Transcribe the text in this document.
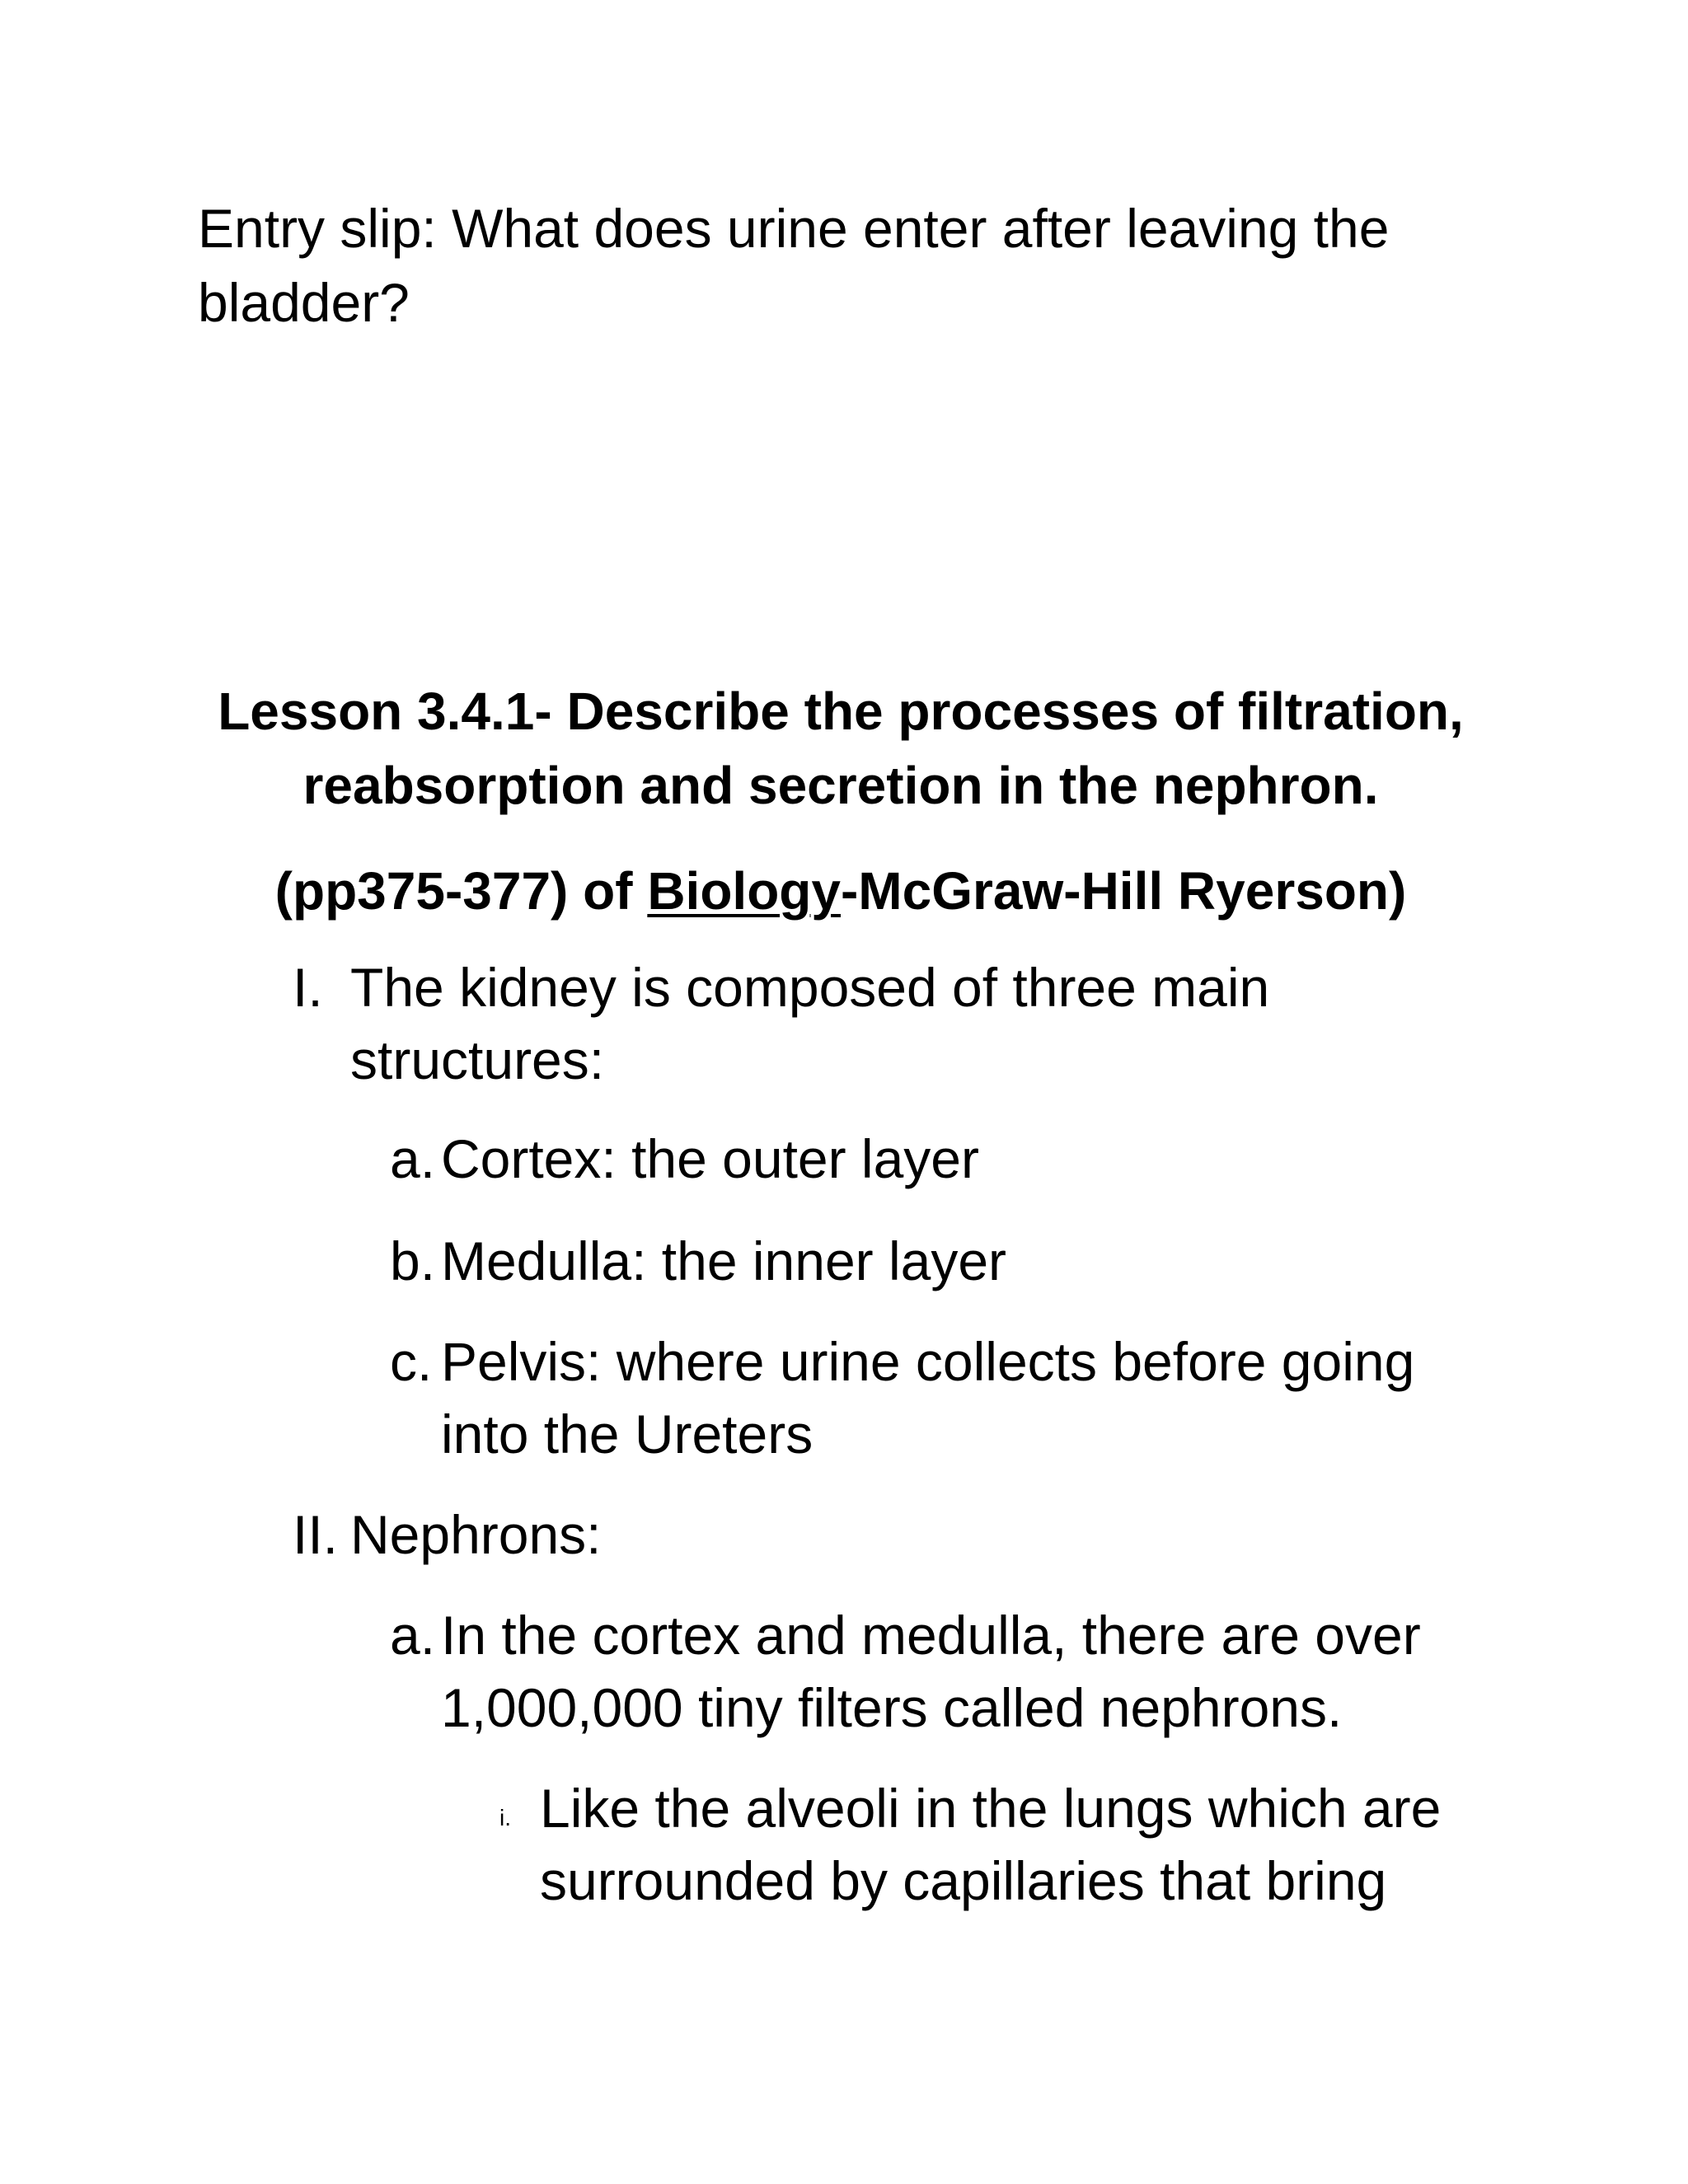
Entry slip: What does urine enter after leaving the
bladder?
Lesson 3.4.1- Describe the processes of filtration,
reabsorption and secretion in the nephron.
(pp375-377) of Biology-McGraw-Hill Ryerson)
I. The kidney is composed of three main
structures:
a. Cortex: the outer layer
b. Medulla: the inner layer
c. Pelvis: where urine collects before going
into the Ureters
II. Nephrons:
a. In the cortex and medulla, there are over
1,000,000 tiny filters called nephrons.
i. Like the alveoli in the lungs which are
surrounded by capillaries that bring
